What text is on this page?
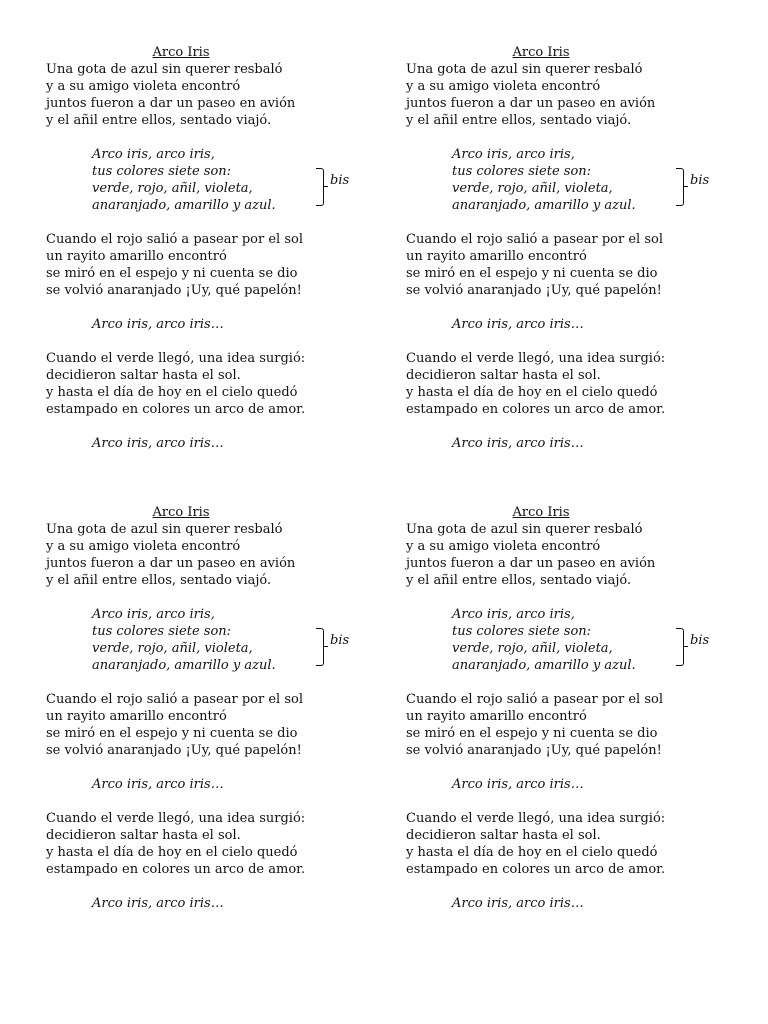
Arco Iris
Una gota de azul sin querer resbaló
y a su amigo violeta encontró
juntos fueron a dar un paseo en avión
y el añil entre ellos, sentado viajó.
Arco iris, arco iris,
tus colores siete son:
verde, rojo, añil, violeta,
anaranjado, amarillo y azul.
bis
Cuando el rojo salió a pasear por el sol
un rayito amarillo encontró
se miró en el espejo y ni cuenta se dio
se volvió anaranjado ¡Uy, qué papelón!
Arco iris, arco iris…
Cuando el verde llegó, una idea surgió:
decidieron saltar hasta el sol.
y hasta el día de hoy en el cielo quedó
estampado en colores un arco de amor.
Arco iris, arco iris…
Arco Iris
Una gota de azul sin querer resbaló
y a su amigo violeta encontró
juntos fueron a dar un paseo en avión
y el añil entre ellos, sentado viajó.
Arco iris, arco iris,
tus colores siete son:
verde, rojo, añil, violeta,
anaranjado, amarillo y azul.
bis
Cuando el rojo salió a pasear por el sol
un rayito amarillo encontró
se miró en el espejo y ni cuenta se dio
se volvió anaranjado ¡Uy, qué papelón!
Arco iris, arco iris…
Cuando el verde llegó, una idea surgió:
decidieron saltar hasta el sol.
y hasta el día de hoy en el cielo quedó
estampado en colores un arco de amor.
Arco iris, arco iris…
Arco Iris
Una gota de azul sin querer resbaló
y a su amigo violeta encontró
juntos fueron a dar un paseo en avión
y el añil entre ellos, sentado viajó.
Arco iris, arco iris,
tus colores siete son:
verde, rojo, añil, violeta,
anaranjado, amarillo y azul.
bis
Cuando el rojo salió a pasear por el sol
un rayito amarillo encontró
se miró en el espejo y ni cuenta se dio
se volvió anaranjado ¡Uy, qué papelón!
Arco iris, arco iris…
Cuando el verde llegó, una idea surgió:
decidieron saltar hasta el sol.
y hasta el día de hoy en el cielo quedó
estampado en colores un arco de amor.
Arco iris, arco iris…
Arco Iris
Una gota de azul sin querer resbaló
y a su amigo violeta encontró
juntos fueron a dar un paseo en avión
y el añil entre ellos, sentado viajó.
Arco iris, arco iris,
tus colores siete son:
verde, rojo, añil, violeta,
anaranjado, amarillo y azul.
bis
Cuando el rojo salió a pasear por el sol
un rayito amarillo encontró
se miró en el espejo y ni cuenta se dio
se volvió anaranjado ¡Uy, qué papelón!
Arco iris, arco iris…
Cuando el verde llegó, una idea surgió:
decidieron saltar hasta el sol.
y hasta el día de hoy en el cielo quedó
estampado en colores un arco de amor.
Arco iris, arco iris…
